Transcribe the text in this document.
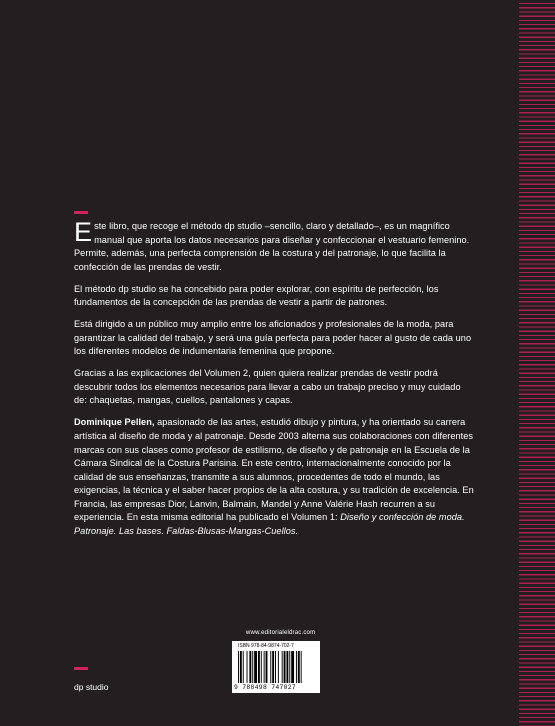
Este libro, que recoge el método dp studio –sencillo, claro y detallado–, es un magnífico manual que aporta los datos necesarios para diseñar y confeccionar el vestuario femenino. Permite, además, una perfecta comprensión de la costura y del patronaje, lo que facilita la confección de las prendas de vestir.

El método dp studio se ha concebido para poder explorar, con espíritu de perfección, los fundamentos de la concepción de las prendas de vestir a partir de patrones.

Está dirigido a un público muy amplio entre los aficionados y profesionales de la moda, para garantizar la calidad del trabajo, y será una guía perfecta para poder hacer al gusto de cada uno los diferentes modelos de indumentaria femenina que propone.

Gracias a las explicaciones del Volumen 2, quien quiera realizar prendas de vestir podrá descubrir todos los elementos necesarios para llevar a cabo un trabajo preciso y muy cuidado de: chaquetas, mangas, cuellos, pantalones y capas.

Dominique Pellen, apasionado de las artes, estudió dibujo y pintura, y ha orientado su carrera artística al diseño de moda y al patronaje. Desde 2003 alterna sus colaboraciones con diferentes marcas con sus clases como profesor de estilismo, de diseño y de patronaje en la Escuela de la Cámara Sindical de la Costura Parisina. En este centro, internacionalmente conocido por la calidad de sus enseñanzas, transmite a sus alumnos, procedentes de todo el mundo, las exigencias, la técnica y el saber hacer propios de la alta costura, y su tradición de excelencia. En Francia, las empresas Dior, Lanvin, Balmain, Mandel y Anne Valérie Hash recurren a su experiencia. En esta misma editorial ha publicado el Volumen 1: Diseño y confección de moda. Patronaje. Las bases. Faldas-Blusas-Mangas-Cuellos.

www.editorialeldrac.com
ISBN 978-84-9874-702-7
9 788498 747027
dp studio
